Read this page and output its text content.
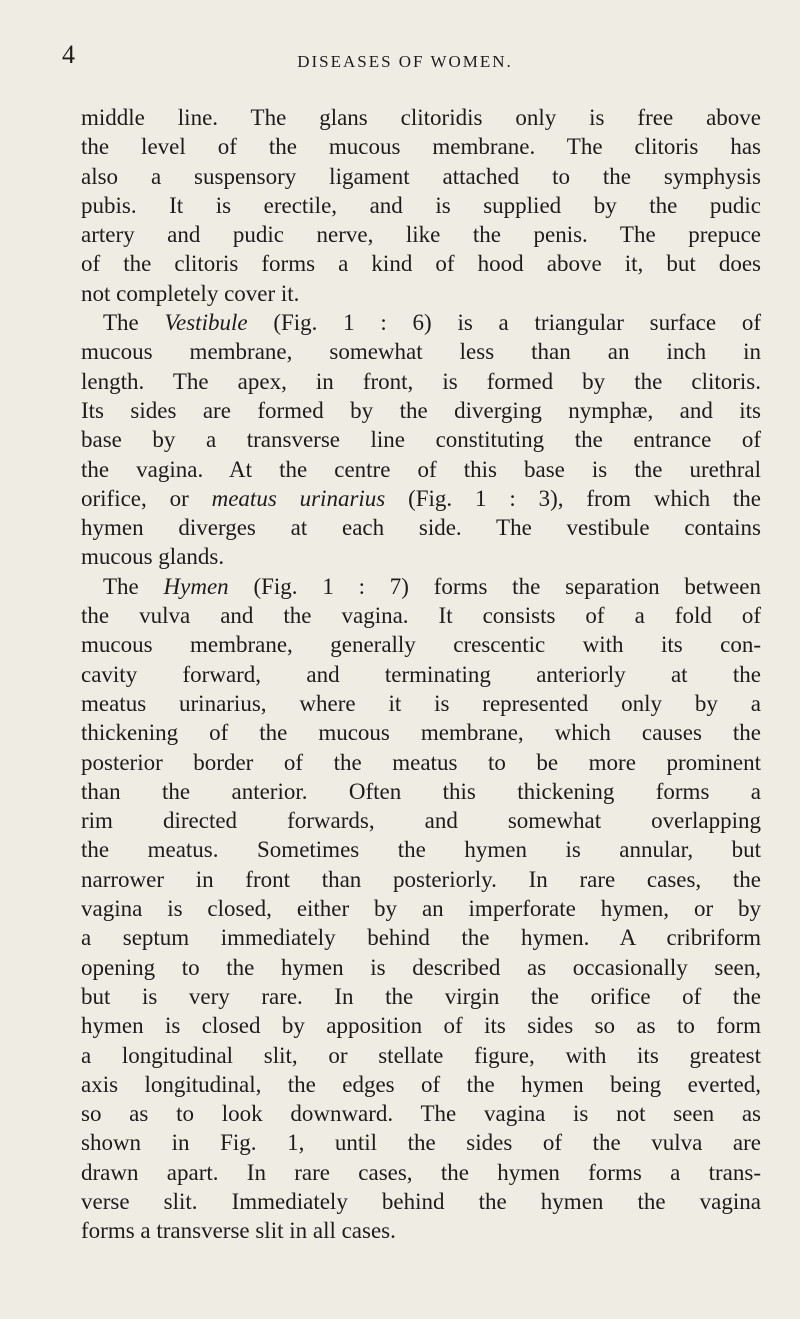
4	DISEASES OF WOMEN.
middle line. The glans clitoridis only is free above
the level of the mucous membrane. The clitoris has
also a suspensory ligament attached to the symphysis
pubis. It is erectile, and is supplied by the pudic
artery and pudic nerve, like the penis. The prepuce
of the clitoris forms a kind of hood above it, but does
not completely cover it.
The Vestibule (Fig. 1 : 6) is a triangular surface of
mucous membrane, somewhat less than an inch in
length. The apex, in front, is formed by the clitoris.
Its sides are formed by the diverging nymphæ, and its
base by a transverse line constituting the entrance of
the vagina. At the centre of this base is the urethral
orifice, or meatus urinarius (Fig. 1 : 3), from which the
hymen diverges at each side. The vestibule contains
mucous glands.
The Hymen (Fig. 1 : 7) forms the separation between
the vulva and the vagina. It consists of a fold of
mucous membrane, generally crescentic with its con-
cavity forward, and terminating anteriorly at the
meatus urinarius, where it is represented only by a
thickening of the mucous membrane, which causes the
posterior border of the meatus to be more prominent
than the anterior. Often this thickening forms a
rim directed forwards, and somewhat overlapping
the meatus. Sometimes the hymen is annular, but
narrower in front than posteriorly. In rare cases, the
vagina is closed, either by an imperforate hymen, or by
a septum immediately behind the hymen. A cribriform
opening to the hymen is described as occasionally seen,
but is very rare. In the virgin the orifice of the
hymen is closed by apposition of its sides so as to form
a longitudinal slit, or stellate figure, with its greatest
axis longitudinal, the edges of the hymen being everted,
so as to look downward. The vagina is not seen as
shown in Fig. 1, until the sides of the vulva are
drawn apart. In rare cases, the hymen forms a trans-
verse slit. Immediately behind the hymen the vagina
forms a transverse slit in all cases.
